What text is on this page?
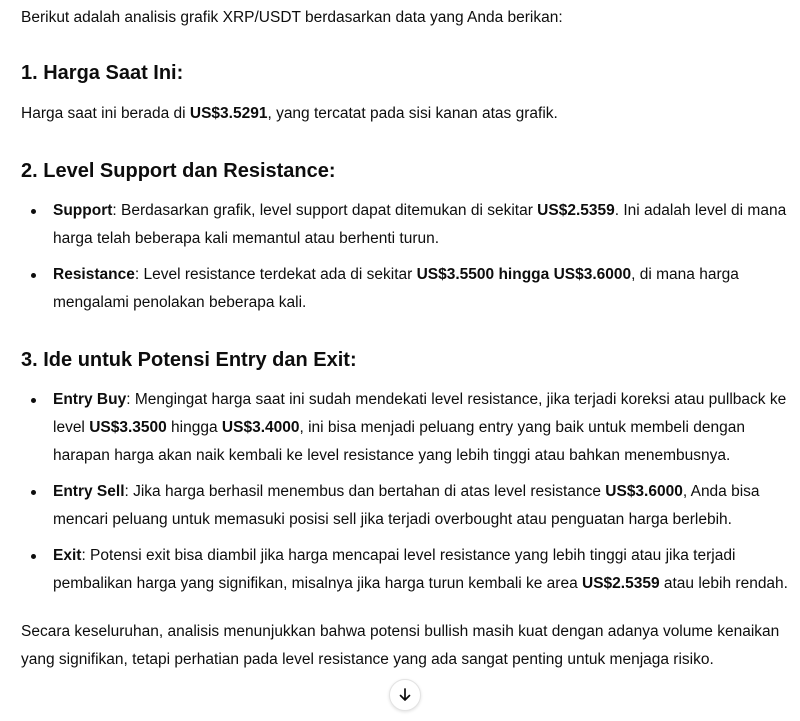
Berikut adalah analisis grafik XRP/USDT berdasarkan data yang Anda berikan:

1. Harga Saat Ini:

Harga saat ini berada di US$3.5291, yang tercatat pada sisi kanan atas grafik.

2. Level Support dan Resistance:
Support: Berdasarkan grafik, level support dapat ditemukan di sekitar US$2.5359. Ini adalah level di mana harga telah beberapa kali memantul atau berhenti turun.
Resistance: Level resistance terdekat ada di sekitar US$3.5500 hingga US$3.6000, di mana harga mengalami penolakan beberapa kali.
3. Ide untuk Potensi Entry dan Exit:
Entry Buy: Mengingat harga saat ini sudah mendekati level resistance, jika terjadi koreksi atau pullback ke level US$3.3500 hingga US$3.4000, ini bisa menjadi peluang entry yang baik untuk membeli dengan harapan harga akan naik kembali ke level resistance yang lebih tinggi atau bahkan menembusnya.
Entry Sell: Jika harga berhasil menembus dan bertahan di atas level resistance US$3.6000, Anda bisa mencari peluang untuk memasuki posisi sell jika terjadi overbought atau penguatan harga berlebih.
Exit: Potensi exit bisa diambil jika harga mencapai level resistance yang lebih tinggi atau jika terjadi pembalikan harga yang signifikan, misalnya jika harga turun kembali ke area US$2.5359 atau lebih rendah.

Secara keseluruhan, analisis menunjukkan bahwa potensi bullish masih kuat dengan adanya volume kenaikan yang signifikan, tetapi perhatian pada level resistance yang ada sangat penting untuk menjaga risiko.
